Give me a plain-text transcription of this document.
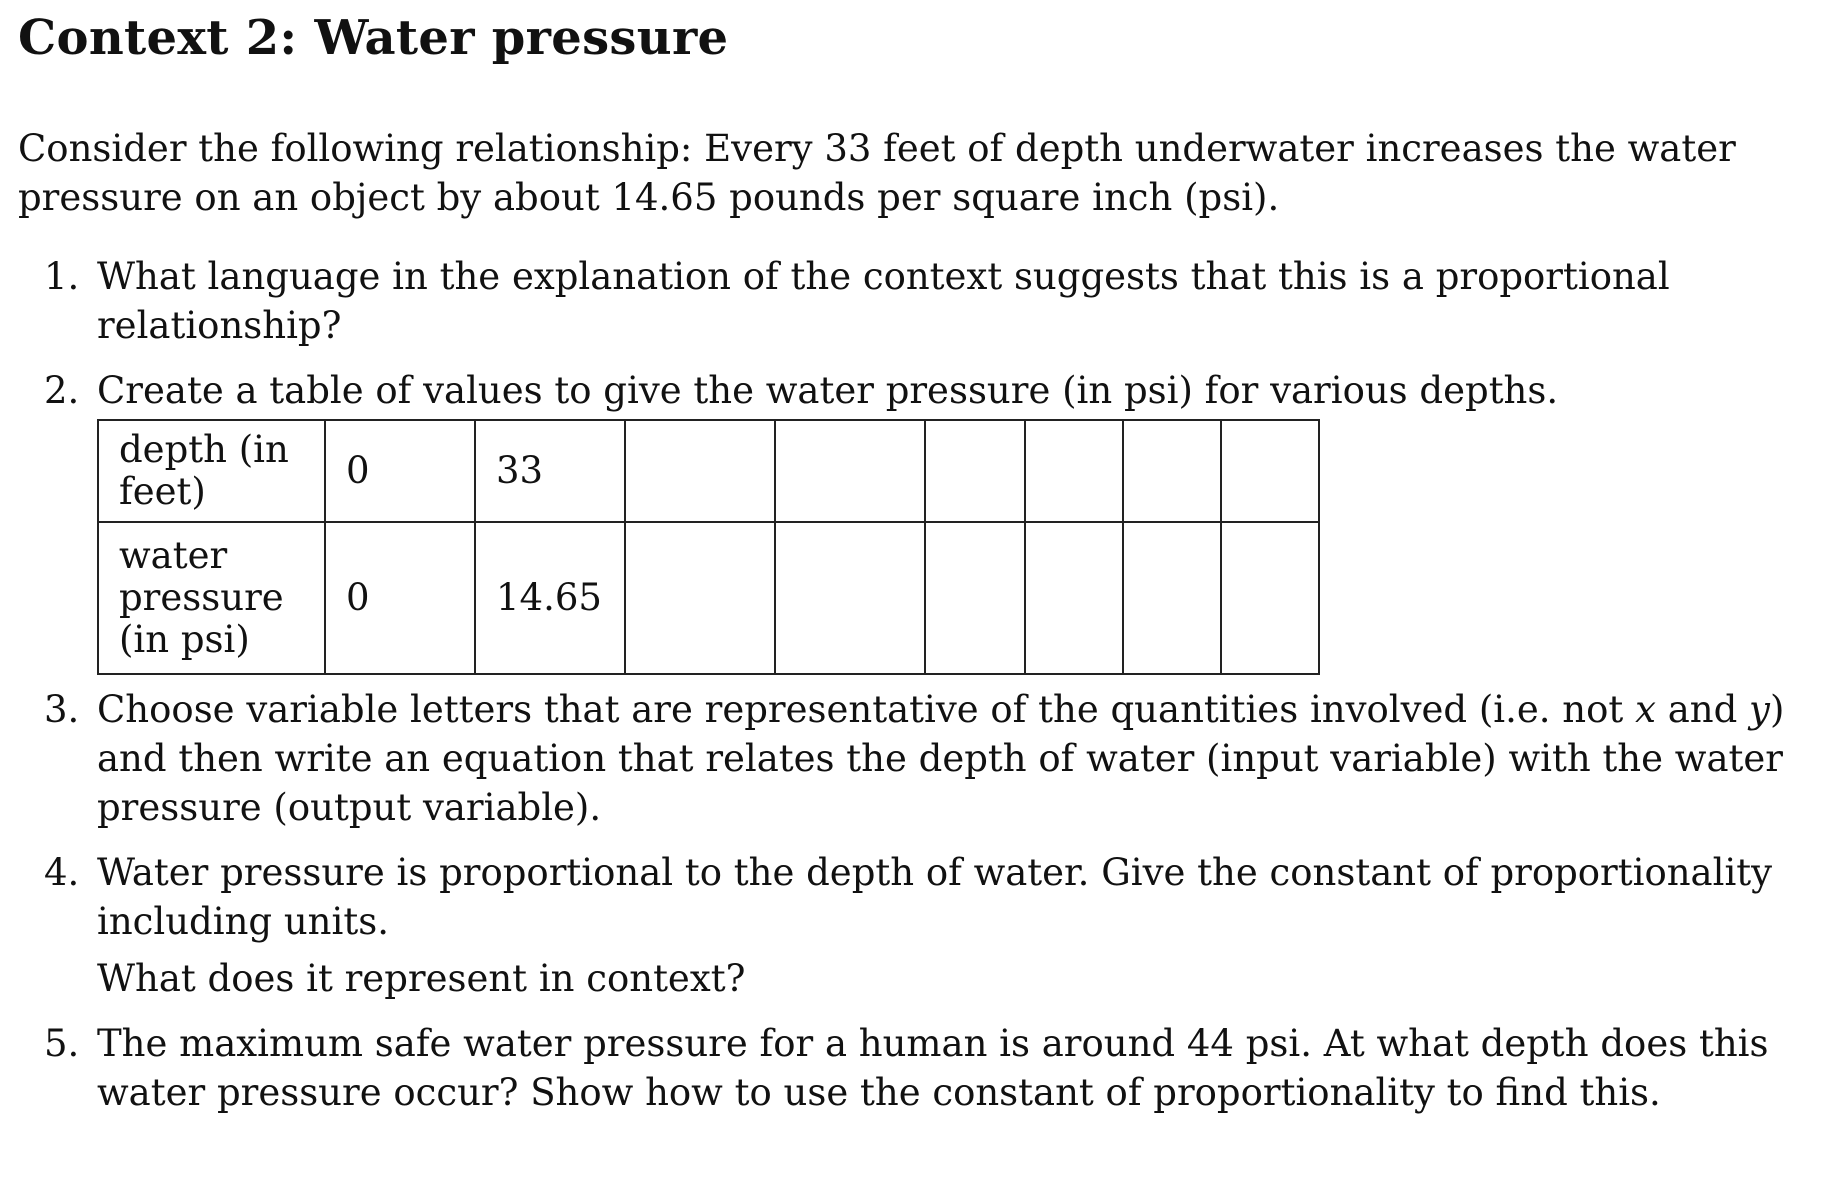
Context 2: Water pressure

Consider the following relationship: Every 33 feet of depth underwater increases the water pressure on an object by about 14.65 pounds per square inch (psi).

1. What language in the explanation of the context suggests that this is a proportional relationship?
2. Create a table of values to give the water pressure (in psi) for various depths.
depth (in feet)	0	33						
water pressure (in psi)	0	14.65						
3. Choose variable letters that are representative of the quantities involved (i.e. not x and y) and then write an equation that relates the depth of water (input variable) with the water pressure (output variable).
4. Water pressure is proportional to the depth of water. Give the constant of proportionality including units.
What does it represent in context?
5. The maximum safe water pressure for a human is around 44 psi. At what depth does this water pressure occur? Show how to use the constant of proportionality to find this.
